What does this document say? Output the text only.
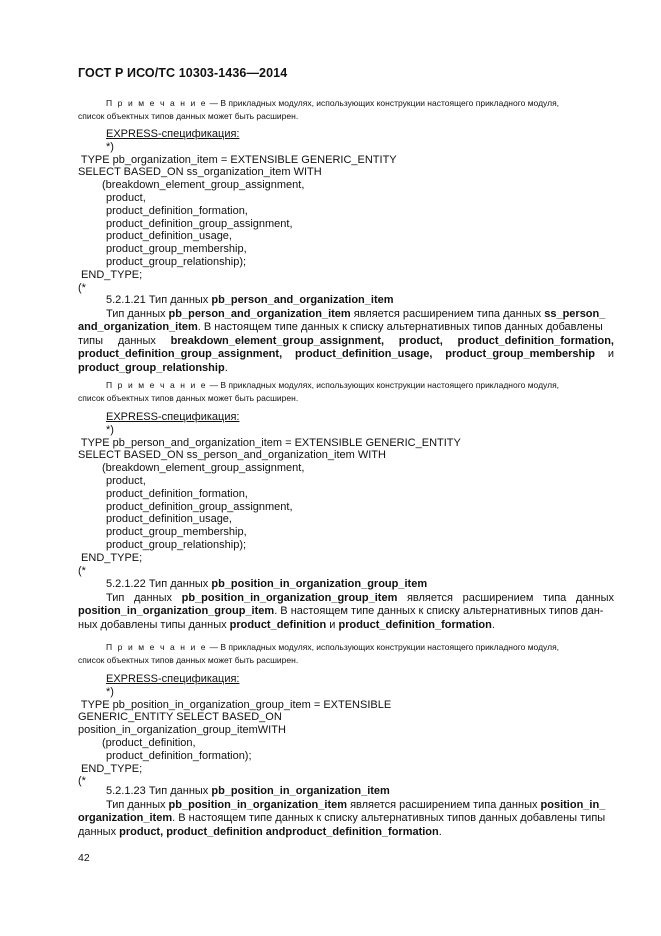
ГОСТ Р ИСО/ТС 10303-1436—2014
П р и м е ч а н и е — В прикладных модулях, использующих конструкции настоящего прикладного модуля,
список объектных типов данных может быть расширен.
EXPRESS-спецификация:
*)
TYPE pb_organization_item = EXTENSIBLE GENERIC_ENTITY
SELECT BASED_ON ss_organization_item WITH
(breakdown_element_group_assignment,
product,
product_definition_formation,
product_definition_group_assignment,
product_definition_usage,
product_group_membership,
product_group_relationship);
END_TYPE;
(*
5.2.1.21 Тип данных pb_person_and_organization_item
Тип данных pb_person_and_organization_item является расширением типа данных ss_person_
and_organization_item. В настоящем типе данных к списку альтернативных типов данных добавлены
типы данных breakdown_element_group_assignment, product, product_definition_formation,
product_definition_group_assignment, product_definition_usage, product_group_membership и
product_group_relationship.
П р и м е ч а н и е — В прикладных модулях, использующих конструкции настоящего прикладного модуля,
список объектных типов данных может быть расширен.
EXPRESS-спецификация:
*)
TYPE pb_person_and_organization_item = EXTENSIBLE GENERIC_ENTITY
SELECT BASED_ON ss_person_and_organization_item WITH
(breakdown_element_group_assignment,
product,
product_definition_formation,
product_definition_group_assignment,
product_definition_usage,
product_group_membership,
product_group_relationship);
END_TYPE;
(*
5.2.1.22 Тип данных pb_position_in_organization_group_item
Тип данных pb_position_in_organization_group_item является расширением типа данных
position_in_organization_group_item. В настоящем типе данных к списку альтернативных типов дан-
ных добавлены типы данных product_definition и product_definition_formation.
П р и м е ч а н и е — В прикладных модулях, использующих конструкции настоящего прикладного модуля,
список объектных типов данных может быть расширен.
EXPRESS-спецификация:
*)
TYPE pb_position_in_organization_group_item = EXTENSIBLE
GENERIC_ENTITY SELECT BASED_ON
position_in_organization_group_itemWITH
(product_definition,
product_definition_formation);
END_TYPE;
(*
5.2.1.23 Тип данных pb_position_in_organization_item
Тип данных pb_position_in_organization_item является расширением типа данных position_in_
organization_item. В настоящем типе данных к списку альтернативных типов данных добавлены типы
данных product, product_definition andproduct_definition_formation.
42
